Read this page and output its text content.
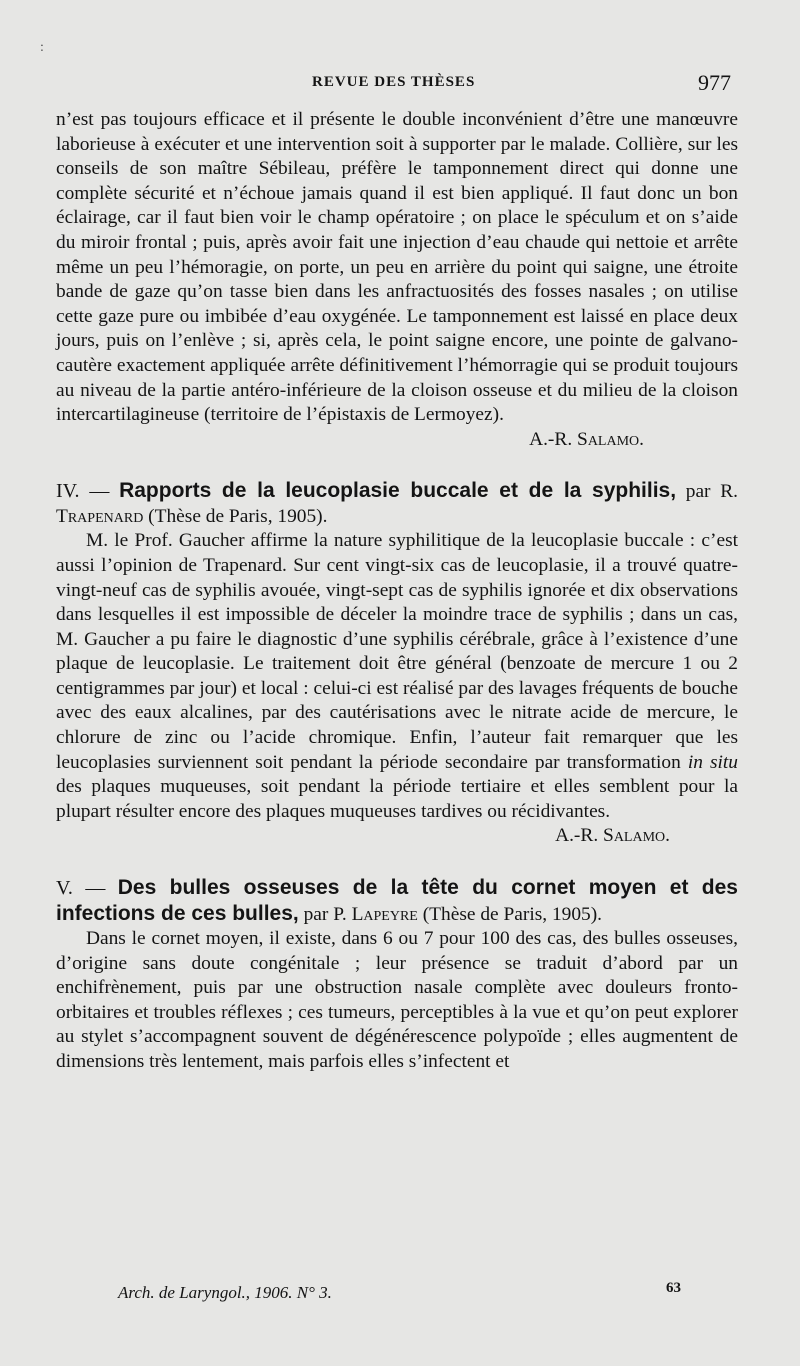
:
REVUE DES THÈSES	977

n’est pas toujours efficace et il présente le double inconvénient d’être une manœuvre laborieuse à exécuter et une intervention soit à supporter par le malade. Collière, sur les conseils de son maître Sébileau, préfère le tamponnement direct qui donne une complète sécurité et n’échoue jamais quand il est bien appliqué. Il faut donc un bon éclairage, car il faut bien voir le champ opératoire ; on place le spéculum et on s’aide du miroir frontal ; puis, après avoir fait une injection d’eau chaude qui nettoie et arrête même un peu l’hémoragie, on porte, un peu en arrière du point qui saigne, une étroite bande de gaze qu’on tasse bien dans les anfractuosités des fosses nasales ; on utilise cette gaze pure ou imbibée d’eau oxygénée. Le tamponnement est laissé en place deux jours, puis on l’enlève ; si, après cela, le point saigne encore, une pointe de galvano-cautère exactement appliquée arrête définitivement l’hémorragie qui se produit toujours au niveau de la partie antéro-inférieure de la cloison osseuse et du milieu de la cloison intercartilagineuse (territoire de l’épistaxis de Lermoyez).

A.-R. Salamo.

IV. — Rapports de la leucoplasie buccale et de la syphilis, par R. Trapenard (Thèse de Paris, 1905).

M. le Prof. Gaucher affirme la nature syphilitique de la leucoplasie buccale : c’est aussi l’opinion de Trapenard. Sur cent vingt-six cas de leucoplasie, il a trouvé quatre-vingt-neuf cas de syphilis avouée, vingt-sept cas de syphilis ignorée et dix observations dans lesquelles il est impossible de déceler la moindre trace de syphilis ; dans un cas, M. Gaucher a pu faire le diagnostic d’une syphilis cérébrale, grâce à l’existence d’une plaque de leucoplasie. Le traitement doit être général (benzoate de mercure 1 ou 2 centigrammes par jour) et local : celui-ci est réalisé par des lavages fréquents de bouche avec des eaux alcalines, par des cautérisations avec le nitrate acide de mercure, le chlorure de zinc ou l’acide chromique. Enfin, l’auteur fait remarquer que les leucoplasies surviennent soit pendant la période secondaire par transformation in situ des plaques muqueuses, soit pendant la période tertiaire et elles semblent pour la plupart résulter encore des plaques muqueuses tardives ou récidivantes.

A.-R. Salamo.

V. — Des bulles osseuses de la tête du cornet moyen et des infections de ces bulles, par P. Lapeyre (Thèse de Paris, 1905).

Dans le cornet moyen, il existe, dans 6 ou 7 pour 100 des cas, des bulles osseuses, d’origine sans doute congénitale ; leur présence se traduit d’abord par un enchifrènement, puis par une obstruction nasale complète avec douleurs fronto-orbitaires et troubles réflexes ; ces tumeurs, perceptibles à la vue et qu’on peut explorer au stylet s’accompagnent souvent de dégénérescence polypoïde ; elles augmentent de dimensions très lentement, mais parfois elles s’infectent et

Arch. de Laryngol., 1906. N° 3.	63
